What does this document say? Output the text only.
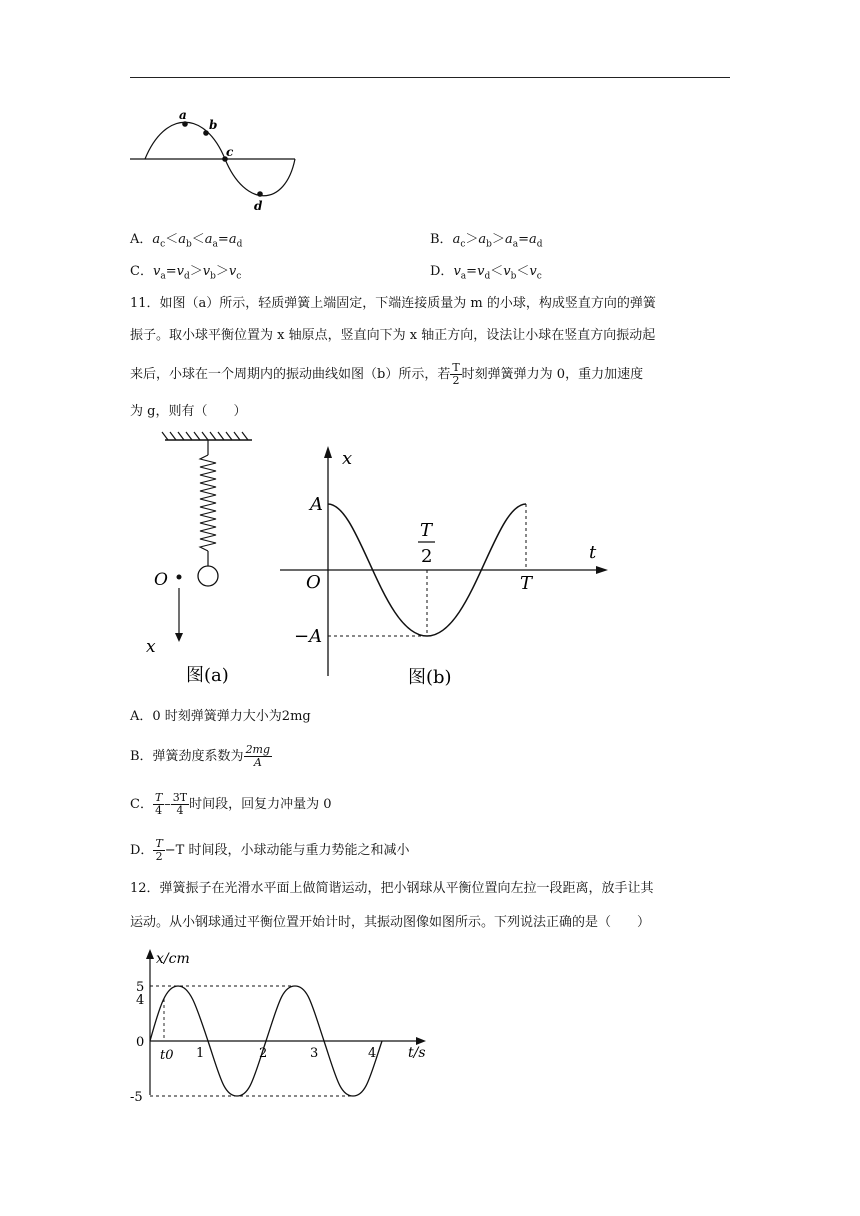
a
b
c
d
A．$a_c<a_b<a_a=a_d$	B．$a_c>a_b>a_a=a_d$
C．$v_a=v_d>v_b>v_c$	D．$v_a=v_d<v_b<v_c$
11．如图（a）所示，轻质弹簧上端固定，下端连接质量为 m 的小球，构成竖直方向的弹簧
振子。取小球平衡位置为 x 轴原点，竖直向下为 x 轴正方向，设法让小球在竖直方向振动起
来后，小球在一个周期内的振动曲线如图（b）所示，若 $\frac{T}{2}$ 时刻弹簧弹力为 0，重力加速度
为 g，则有（　　）
O
x
图(a)
x
t
A
−A
O	T
T
2
图(b)
A．0 时刻弹簧弹力大小为2mg
B．弹簧劲度系数为 $\frac{2mg}{A}$
C． $\frac{T}{4} - \frac{3T}{4}$ 时间段，回复力冲量为 0
D． $\frac{T}{2} -T$ 时间段，小球动能与重力势能之和减小
12．弹簧振子在光滑水平面上做简谐运动，把小钢球从平衡位置向左拉一段距离，放手让其
运动。从小钢球通过平衡位置开始计时，其振动图像如图所示。下列说法正确的是（　　）
x/cm
t/s
5
4
0
-5
t0 1	2	3	4
